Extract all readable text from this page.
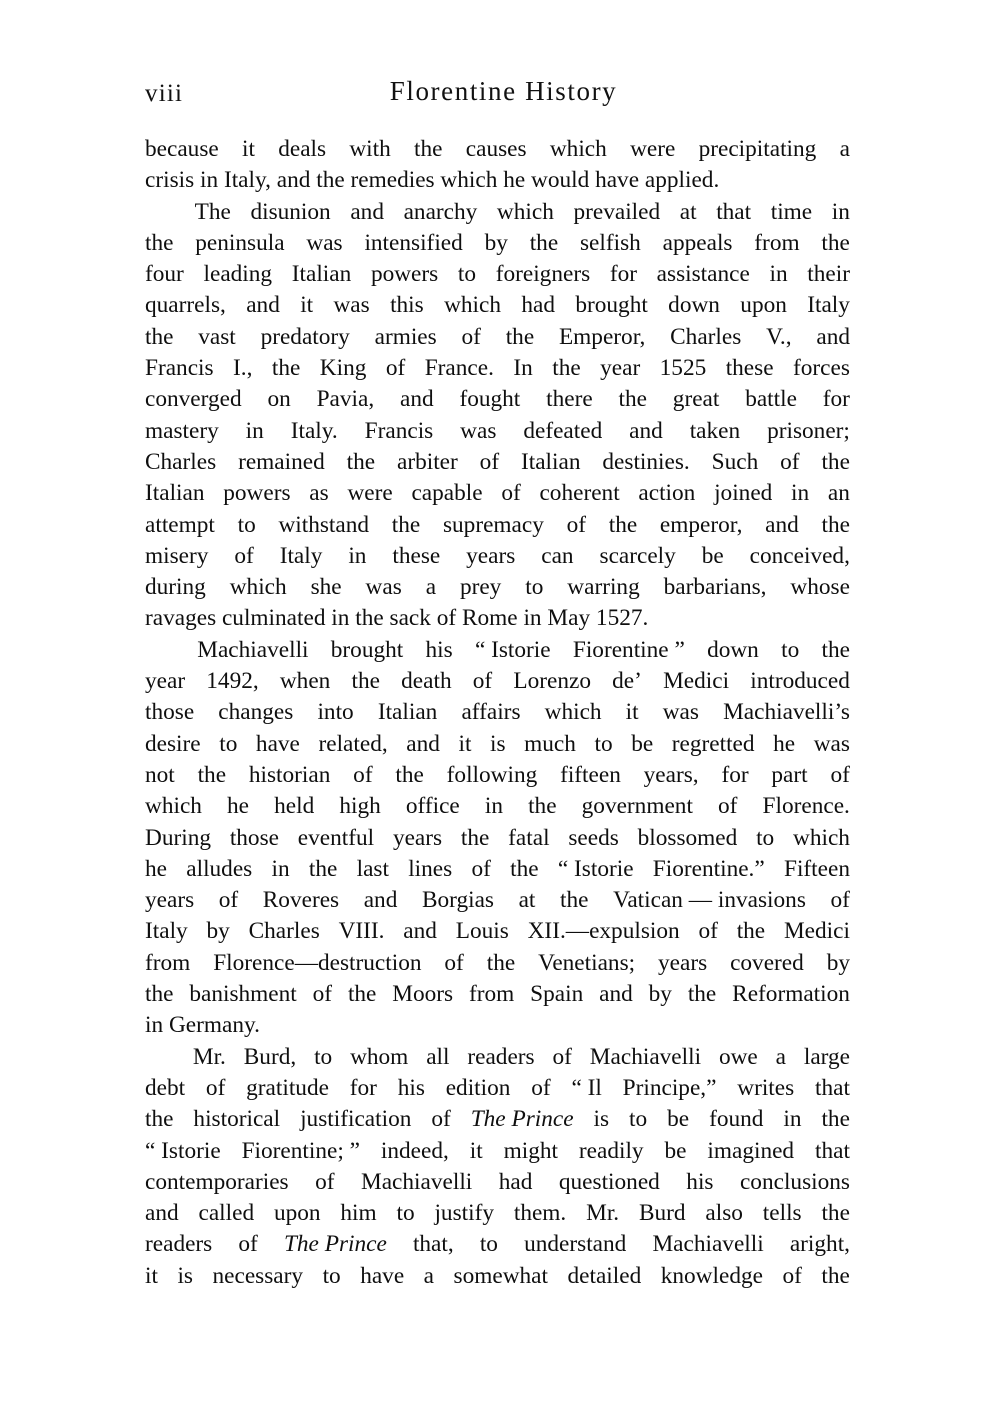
viii	Florentine History
because it deals with the causes which were precipitating a
crisis in Italy, and the remedies which he would have applied.
The disunion and anarchy which prevailed at that time in
the peninsula was intensified by the selfish appeals from the
four leading Italian powers to foreigners for assistance in their
quarrels, and it was this which had brought down upon Italy
the vast predatory armies of the Emperor, Charles V., and
Francis I., the King of France. In the year 1525 these forces
converged on Pavia, and fought there the great battle for
mastery in Italy. Francis was defeated and taken prisoner;
Charles remained the arbiter of Italian destinies. Such of the
Italian powers as were capable of coherent action joined in an
attempt to withstand the supremacy of the emperor, and the
misery of Italy in these years can scarcely be conceived,
during which she was a prey to warring barbarians, whose
ravages culminated in the sack of Rome in May 1527.
Machiavelli brought his “ Istorie Fiorentine ” down to the
year 1492, when the death of Lorenzo de’ Medici introduced
those changes into Italian affairs which it was Machiavelli’s
desire to have related, and it is much to be regretted he was
not the historian of the following fifteen years, for part of
which he held high office in the government of Florence.
During those eventful years the fatal seeds blossomed to which
he alludes in the last lines of the “ Istorie Fiorentine.” Fifteen
years of Roveres and Borgias at the Vatican — invasions of
Italy by Charles VIII. and Louis XII.—expulsion of the Medici
from Florence—destruction of the Venetians; years covered by
the banishment of the Moors from Spain and by the Reformation
in Germany.
Mr. Burd, to whom all readers of Machiavelli owe a large
debt of gratitude for his edition of “ Il Principe,” writes that
the historical justification of The Prince is to be found in the
“ Istorie Fiorentine; ” indeed, it might readily be imagined that
contemporaries of Machiavelli had questioned his conclusions
and called upon him to justify them. Mr. Burd also tells the
readers of The Prince that, to understand Machiavelli aright,
it is necessary to have a somewhat detailed knowledge of the
